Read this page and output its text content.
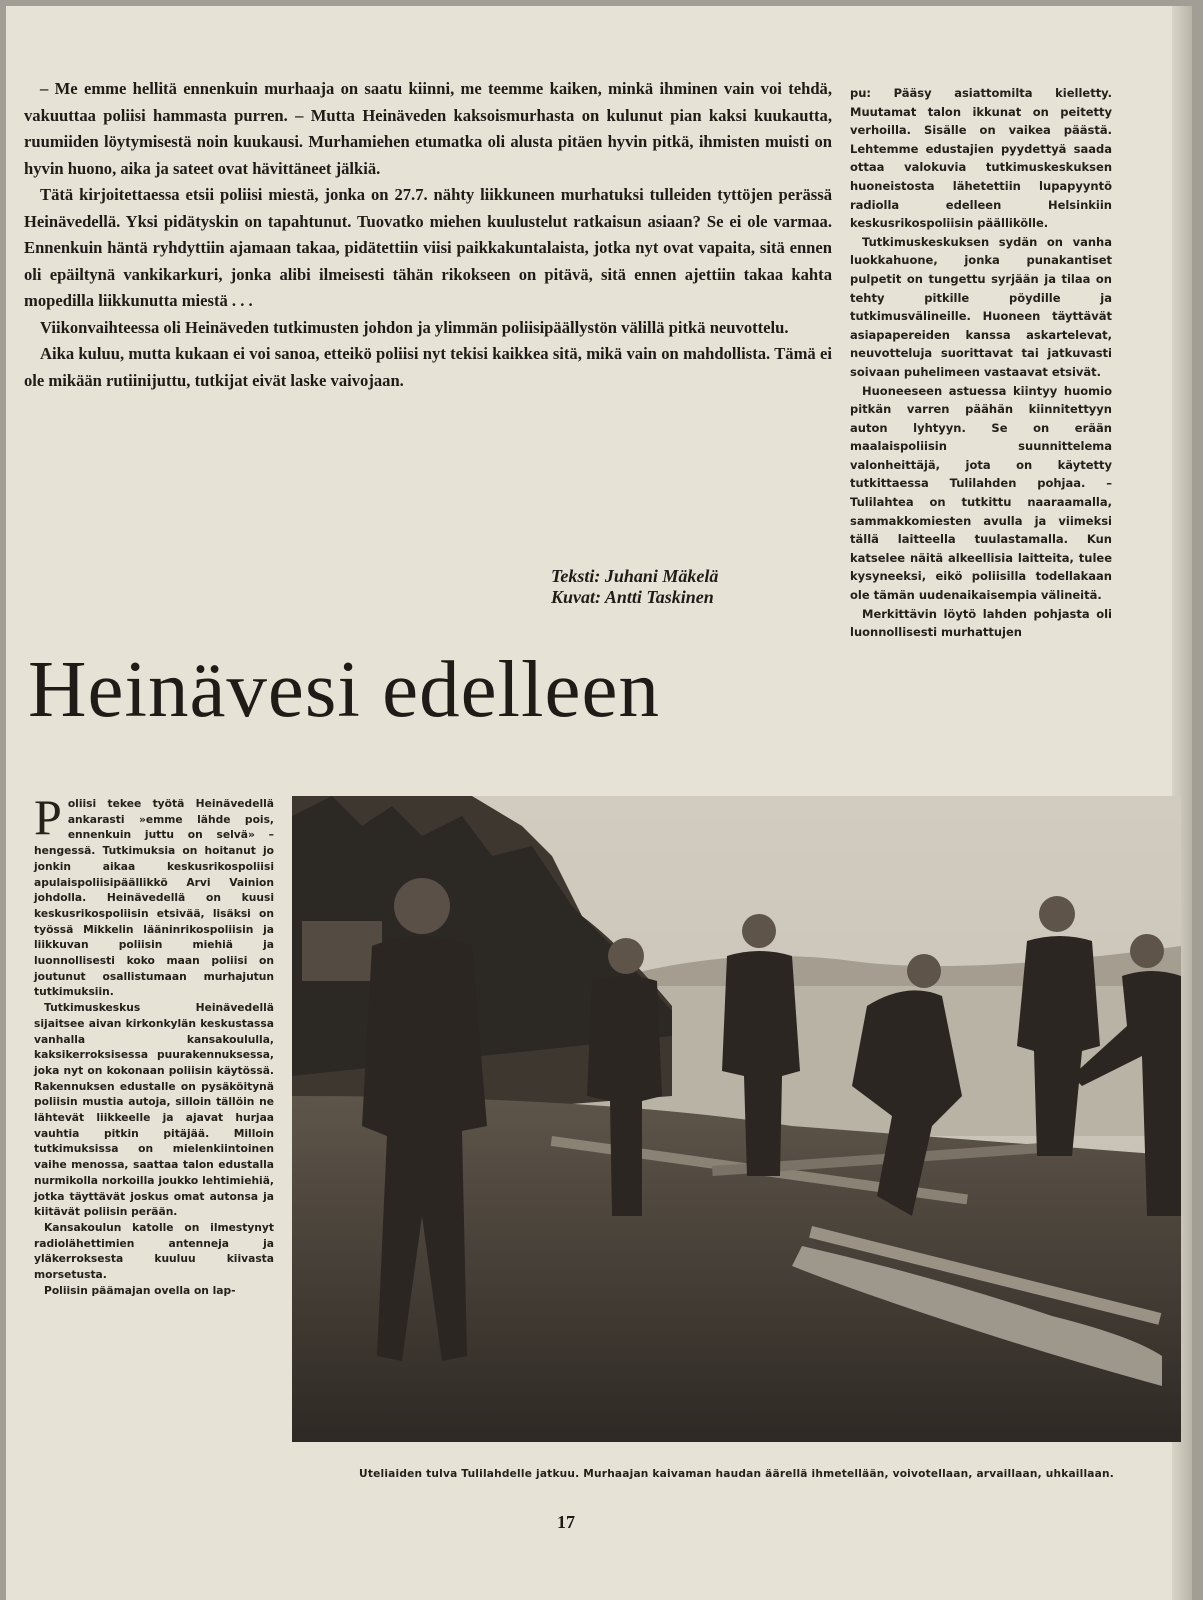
– Me emme hellitä ennenkuin murhaaja on saatu kiinni, me teemme kaiken, minkä ihminen vain voi tehdä, vakuuttaa poliisi hammasta purren. – Mutta Heinäveden kaksoismurhasta on kulunut pian kaksi kuukautta, ruumiiden löytymisestä noin kuukausi. Murhamiehen etumatka oli alusta pitäen hyvin pitkä, ihmisten muisti on hyvin huono, aika ja sateet ovat hävittäneet jälkiä.

Tätä kirjoitettaessa etsii poliisi miestä, jonka on 27.7. nähty liikkuneen murhatuksi tulleiden tyttöjen perässä Heinävedellä. Yksi pidätyskin on tapahtunut. Tuovatko miehen kuulustelut ratkaisun asiaan? Se ei ole varmaa. Ennenkuin häntä ryhdyttiin ajamaan takaa, pidätettiin viisi paikkakuntalaista, jotka nyt ovat vapaita, sitä ennen oli epäiltynä vankikarkuri, jonka alibi ilmeisesti tähän rikokseen on pitävä, sitä ennen ajettiin takaa kahta mopedilla liikkunutta miestä . . .

Viikonvaihteessa oli Heinäveden tutkimusten johdon ja ylimmän poliisipäällystön välillä pitkä neuvottelu.

Aika kuluu, mutta kukaan ei voi sanoa, etteikö poliisi nyt tekisi kaikkea sitä, mikä vain on mahdollista. Tämä ei ole mikään rutiinijuttu, tutkijat eivät laske vaivojaan.

Teksti: Juhani Mäkelä
Kuvat: Antti Taskinen
Heinävesi edelleen

pu: Pääsy asiattomilta kielletty. Muutamat talon ikkunat on peitetty verhoilla. Sisälle on vaikea päästä. Lehtemme edustajien pyydettyä saada ottaa valokuvia tutkimuskeskuksen huoneistosta lähetettiin lupapyyntö radiolla edelleen Helsinkiin keskusrikospoliisin päällikölle.

Tutkimuskeskuksen sydän on vanha luokkahuone, jonka punakantiset pulpetit on tungettu syrjään ja tilaa on tehty pitkille pöydille ja tutkimusvälineille. Huoneen täyttävät asiapapereiden kanssa askartelevat, neuvotteluja suorittavat tai jatkuvasti soivaan puhelimeen vastaavat etsivät.

Huoneeseen astuessa kiintyy huomio pitkän varren päähän kiinnitettyyn auton lyhtyyn. Se on erään maalaispoliisin suunnittelema valonheittäjä, jota on käytetty tutkittaessa Tulilahden pohjaa. – Tulilahtea on tutkittu naaraamalla, sammakkomiesten avulla ja viimeksi tällä laitteella tuulastamalla. Kun katselee näitä alkeellisia laitteita, tulee kysyneeksi, eikö poliisilla todellakaan ole tämän uudenaikaisempia välineitä.

Merkittävin löytö lahden pohjasta oli luonnollisesti murhattujen

Poliisi tekee työtä Heinävedellä ankarasti »emme lähde pois, ennenkuin juttu on selvä» – hengessä. Tutkimuksia on hoitanut jo jonkin aikaa keskusrikospoliisi apulaispoliisipäällikkö Arvi Vainion johdolla. Heinävedellä on kuusi keskusrikospoliisin etsivää, lisäksi on työssä Mikkelin lääninrikospoliisin ja liikkuvan poliisin miehiä ja luonnollisesti koko maan poliisi on joutunut osallistumaan murhajutun tutkimuksiin.

Tutkimuskeskus Heinävedellä sijaitsee aivan kirkonkylän keskustassa vanhalla kansakoululla, kaksikerroksisessa puurakennuksessa, joka nyt on kokonaan poliisin käytössä. Rakennuksen edustalle on pysäköitynä poliisin mustia autoja, silloin tällöin ne lähtevät liikkeelle ja ajavat hurjaa vauhtia pitkin pitäjää. Milloin tutkimuksissa on mielenkiintoinen vaihe menossa, saattaa talon edustalla nurmikolla norkoilla joukko lehtimiehiä, jotka täyttävät joskus omat autonsa ja kiitävät poliisin perään.

Kansakoulun katolle on ilmestynyt radiolähettimien antenneja ja yläkerroksesta kuuluu kiivasta morsetusta.

Poliisin päämajan ovella on lap-

Uteliaiden tulva Tulilahdelle jatkuu. Murhaajan kaivaman haudan äärellä ihmetellään, voivotellaan, arvaillaan, uhkaillaan.
17
